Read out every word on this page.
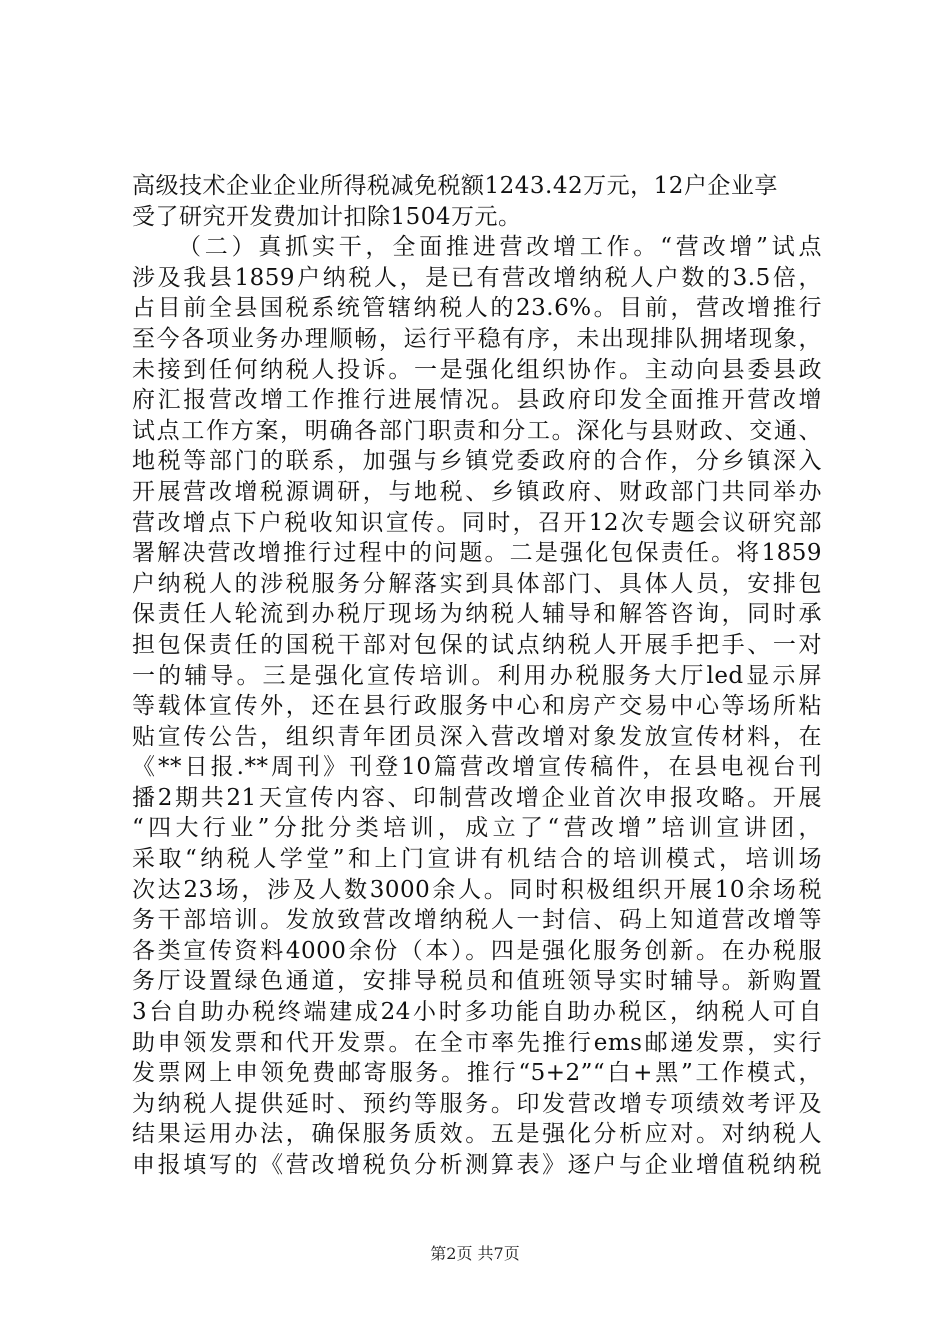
高级技术企业企业所得税减免税额1243.42万元，12户企业享
受了研究开发费加计扣除1504万元。
（二）真抓实干，全面推进营改增工作。“营改增”试点
涉及我县1859户纳税人，是已有营改增纳税人户数的3.5倍，
占目前全县国税系统管辖纳税人的23.6%。目前，营改增推行
至今各项业务办理顺畅，运行平稳有序，未出现排队拥堵现象，
未接到任何纳税人投诉。一是强化组织协作。主动向县委县政
府汇报营改增工作推行进展情况。县政府印发全面推开营改增
试点工作方案，明确各部门职责和分工。深化与县财政、交通、
地税等部门的联系，加强与乡镇党委政府的合作，分乡镇深入
开展营改增税源调研，与地税、乡镇政府、财政部门共同举办
营改增点下户税收知识宣传。同时，召开12次专题会议研究部
署解决营改增推行过程中的问题。二是强化包保责任。将1859
户纳税人的涉税服务分解落实到具体部门、具体人员，安排包
保责任人轮流到办税厅现场为纳税人辅导和解答咨询，同时承
担包保责任的国税干部对包保的试点纳税人开展手把手、一对
一的辅导。三是强化宣传培训。利用办税服务大厅led显示屏
等载体宣传外，还在县行政服务中心和房产交易中心等场所粘
贴宣传公告，组织青年团员深入营改增对象发放宣传材料，在
《**日报.**周刊》刊登10篇营改增宣传稿件，在县电视台刊
播2期共21天宣传内容、印制营改增企业首次申报攻略。开展
“四大行业”分批分类培训，成立了“营改增”培训宣讲团，
采取“纳税人学堂”和上门宣讲有机结合的培训模式，培训场
次达23场，涉及人数3000余人。同时积极组织开展10余场税
务干部培训。发放致营改增纳税人一封信、码上知道营改增等
各类宣传资料4000余份（本）。四是强化服务创新。在办税服
务厅设置绿色通道，安排导税员和值班领导实时辅导。新购置
3台自助办税终端建成24小时多功能自助办税区，纳税人可自
助申领发票和代开发票。在全市率先推行ems邮递发票，实行
发票网上申领免费邮寄服务。推行“5+2”“白+黑”工作模式，
为纳税人提供延时、预约等服务。印发营改增专项绩效考评及
结果运用办法，确保服务质效。五是强化分析应对。对纳税人
申报填写的《营改增税负分析测算表》逐户与企业增值税纳税
第2页 共7页
